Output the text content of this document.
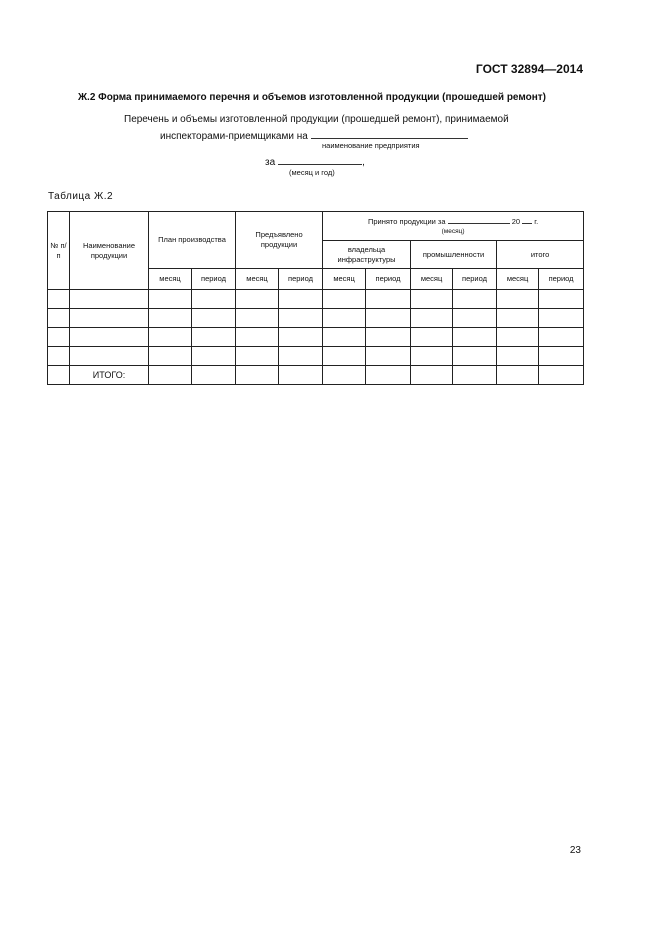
ГОСТ 32894—2014
Ж.2 Форма принимаемого перечня и объемов изготовленной продукции (прошедшей ремонт)
Перечень и объемы изготовленной продукции (прошедшей ремонт), принимаемой
инспекторами-приемщиками на
наименование предприятия
за	,
(месяц и год)
Таблица Ж.2
№ п/п	Наименование продукции	План производства		Предъявлено продукции		Принято продукции за 20 г.
(месяц)					

						владельца инфраструктуры		промышленности		итого	
		месяц	период	месяц	период	месяц	период	месяц	период	месяц	период

	ИТОГО:										
23
